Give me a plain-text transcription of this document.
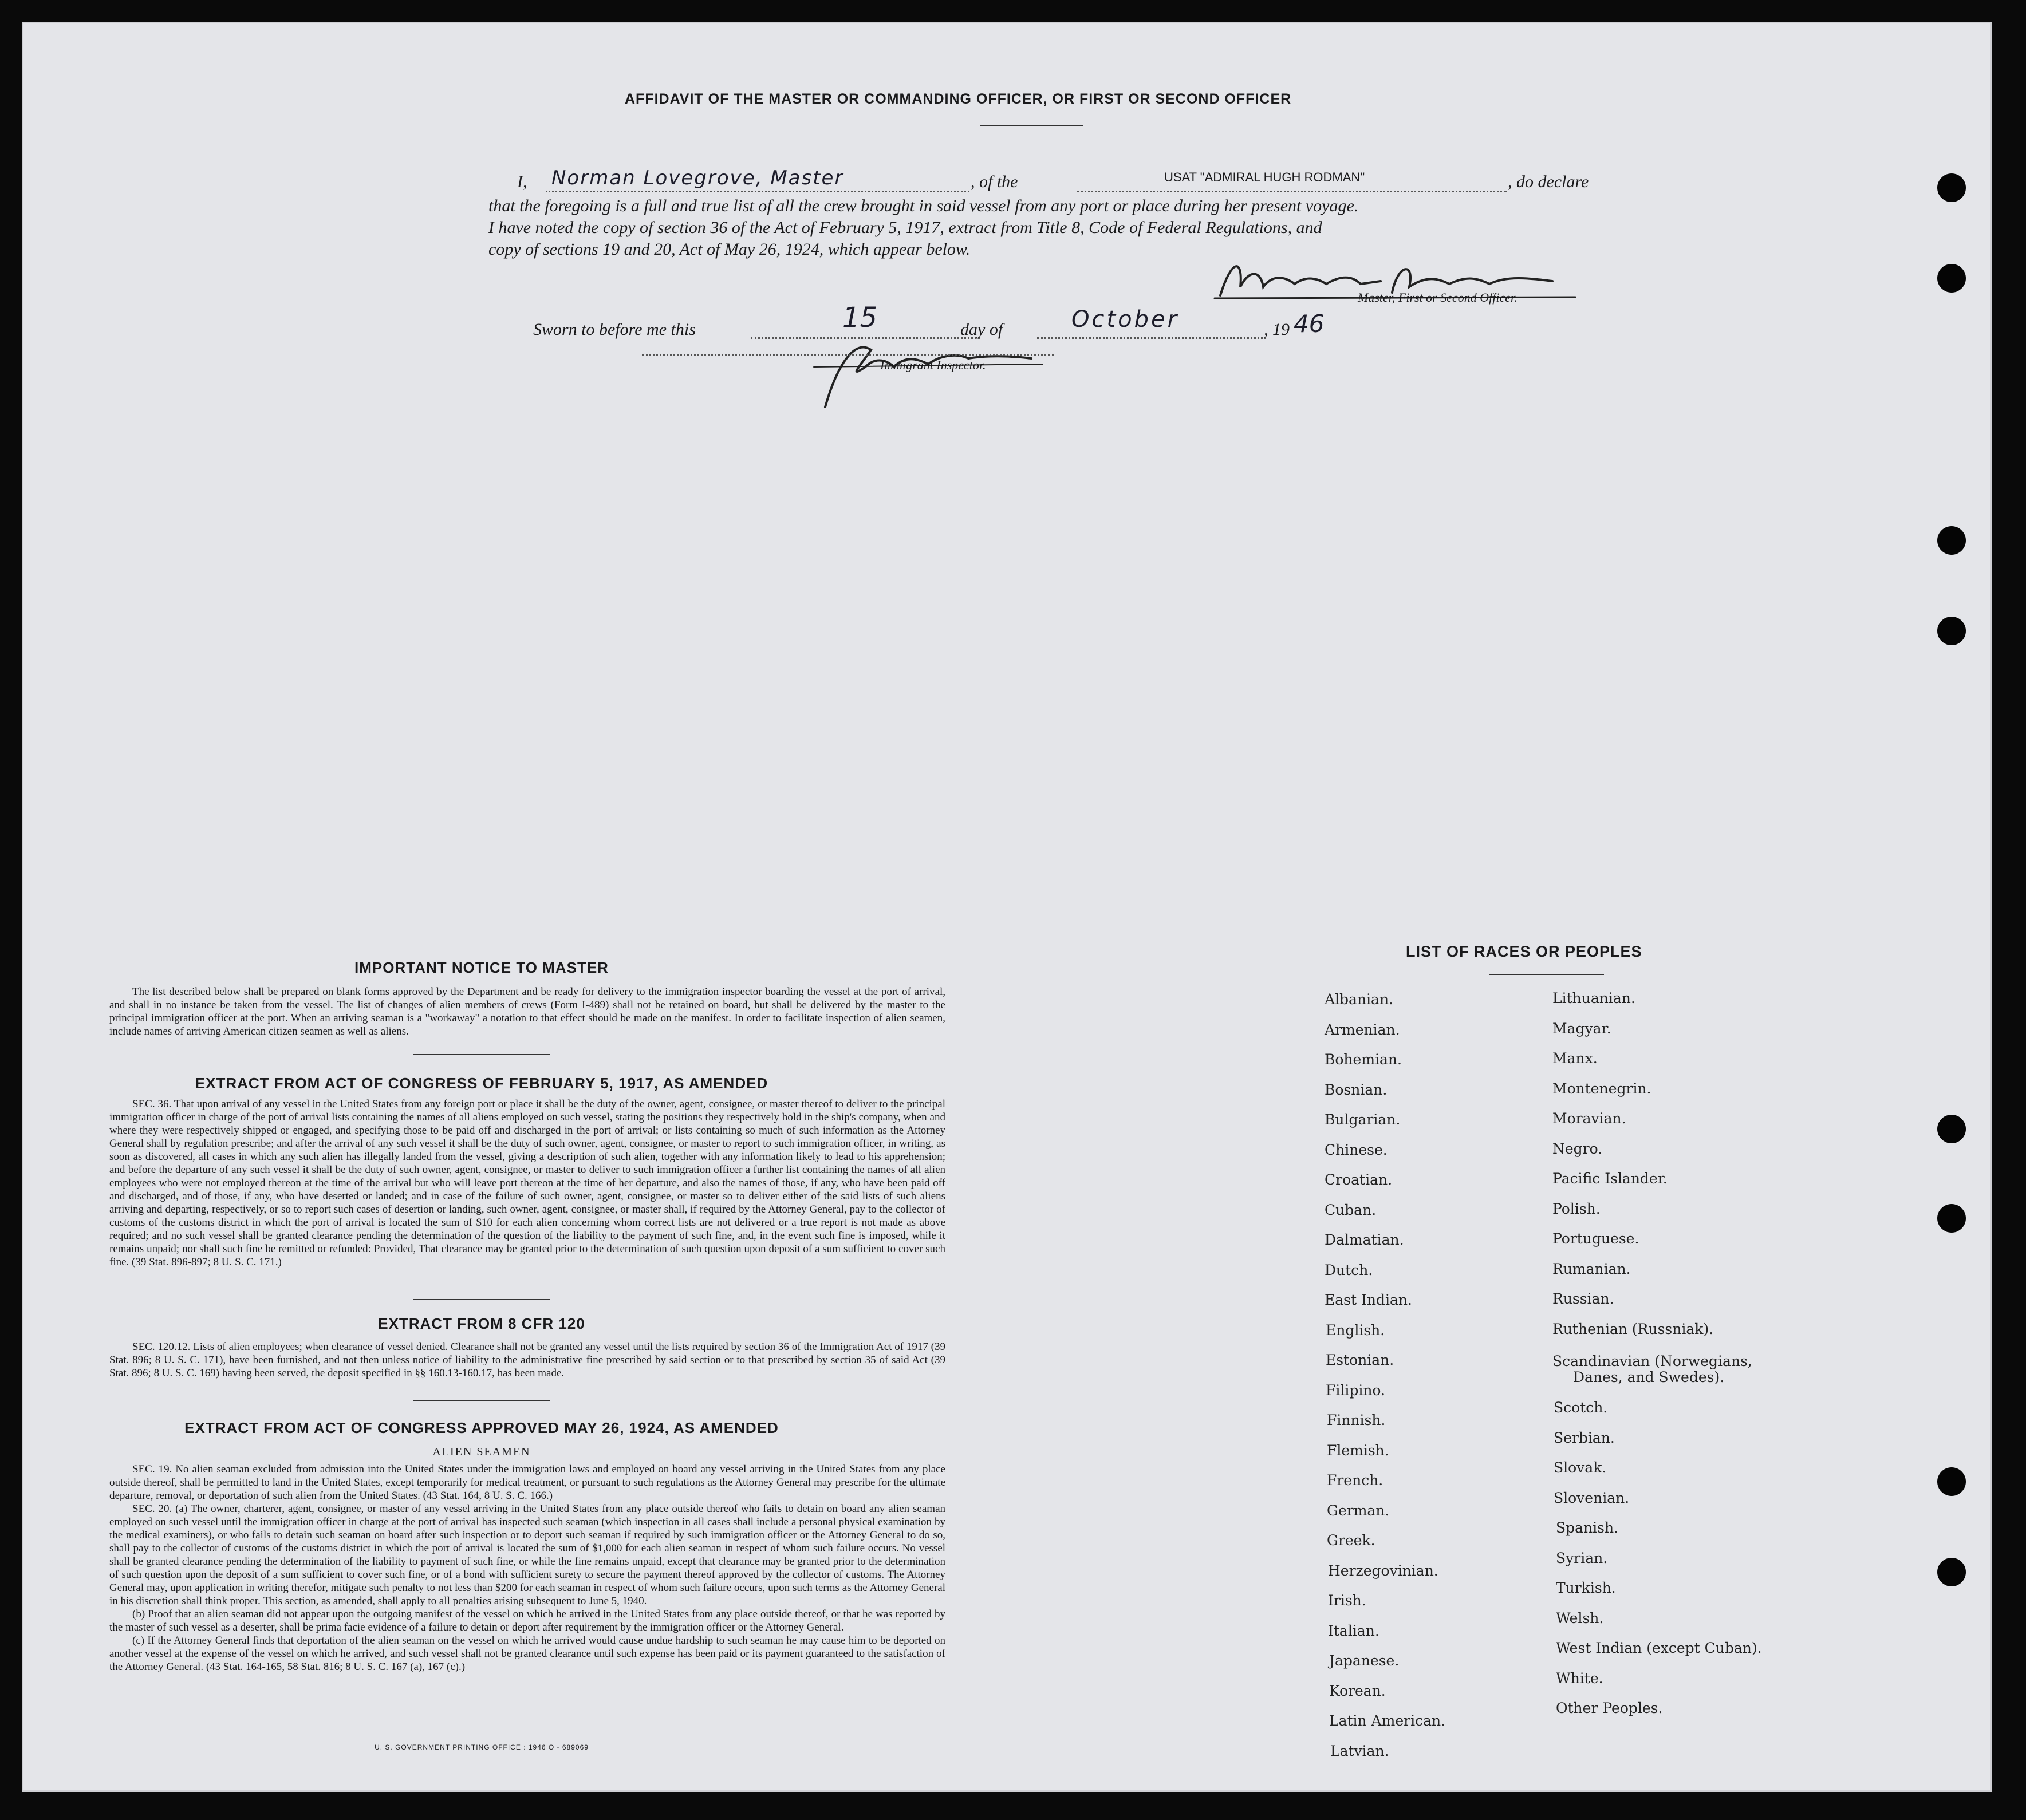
AFFIDAVIT OF THE MASTER OR COMMANDING OFFICER, OR FIRST OR SECOND OFFICER
I, Norman Lovegrove, Master	, of the	USAT "ADMIRAL HUGH RODMAN"	, do declare
that the foregoing is a full and true list of all the crew brought in said vessel from any port or place during her present voyage.
I have noted the copy of section 36 of the Act of February 5, 1917, extract from Title 8, Code of Federal Regulations, and
copy of sections 19 and 20, Act of May 26, 1924, which appear below.
Master, First or Second Officer.
Sworn to before me this	15	day of	October	, 19 46
Immigrant Inspector.
IMPORTANT NOTICE TO MASTER

The list described below shall be prepared on blank forms approved by the Department and be ready for delivery to the immigration inspector boarding the vessel at the port of arrival, and shall in no instance be taken from the vessel. The list of changes of alien members of crews (Form I-489) shall not be retained on board, but shall be delivered by the master to the principal immigration officer at the port. When an arriving seaman is a "workaway" a notation to that effect should be made on the manifest. In order to facilitate inspection of alien seamen, include names of arriving American citizen seamen as well as aliens.

EXTRACT FROM ACT OF CONGRESS OF FEBRUARY 5, 1917, AS AMENDED

SEC. 36. That upon arrival of any vessel in the United States from any foreign port or place it shall be the duty of the owner, agent, consignee, or master thereof to deliver to the principal immigration officer in charge of the port of arrival lists containing the names of all aliens employed on such vessel, stating the positions they respectively hold in the ship's company, when and where they were respectively shipped or engaged, and specifying those to be paid off and discharged in the port of arrival; or lists containing so much of such information as the Attorney General shall by regulation prescribe; and after the arrival of any such vessel it shall be the duty of such owner, agent, consignee, or master to report to such immigration officer, in writing, as soon as discovered, all cases in which any such alien has illegally landed from the vessel, giving a description of such alien, together with any information likely to lead to his apprehension; and before the departure of any such vessel it shall be the duty of such owner, agent, consignee, or master to deliver to such immigration officer a further list containing the names of all alien employees who were not employed thereon at the time of the arrival but who will leave port thereon at the time of her departure, and also the names of those, if any, who have been paid off and discharged, and of those, if any, who have deserted or landed; and in case of the failure of such owner, agent, consignee, or master so to deliver either of the said lists of such aliens arriving and departing, respectively, or so to report such cases of desertion or landing, such owner, agent, consignee, or master shall, if required by the Attorney General, pay to the collector of customs of the customs district in which the port of arrival is located the sum of $10 for each alien concerning whom correct lists are not delivered or a true report is not made as above required; and no such vessel shall be granted clearance pending the determination of the question of the liability to the payment of such fine, and, in the event such fine is imposed, while it remains unpaid; nor shall such fine be remitted or refunded: Provided, That clearance may be granted prior to the determination of such question upon deposit of a sum sufficient to cover such fine. (39 Stat. 896-897; 8 U. S. C. 171.)

EXTRACT FROM 8 CFR 120

SEC. 120.12. Lists of alien employees; when clearance of vessel denied. Clearance shall not be granted any vessel until the lists required by section 36 of the Immigration Act of 1917 (39 Stat. 896; 8 U. S. C. 171), have been furnished, and not then unless notice of liability to the administrative fine prescribed by said section or to that prescribed by section 35 of said Act (39 Stat. 896; 8 U. S. C. 169) having been served, the deposit specified in §§ 160.13-160.17, has been made.

EXTRACT FROM ACT OF CONGRESS APPROVED MAY 26, 1924, AS AMENDED
ALIEN SEAMEN

SEC. 19. No alien seaman excluded from admission into the United States under the immigration laws and employed on board any vessel arriving in the United States from any place outside thereof, shall be permitted to land in the United States, except temporarily for medical treatment, or pursuant to such regulations as the Attorney General may prescribe for the ultimate departure, removal, or deportation of such alien from the United States. (43 Stat. 164, 8 U. S. C. 166.)

SEC. 20. (a) The owner, charterer, agent, consignee, or master of any vessel arriving in the United States from any place outside thereof who fails to detain on board any alien seaman employed on such vessel until the immigration officer in charge at the port of arrival has inspected such seaman (which inspection in all cases shall include a personal physical examination by the medical examiners), or who fails to detain such seaman on board after such inspection or to deport such seaman if required by such immigration officer or the Attorney General to do so, shall pay to the collector of customs of the customs district in which the port of arrival is located the sum of $1,000 for each alien seaman in respect of whom such failure occurs. No vessel shall be granted clearance pending the determination of the liability to payment of such fine, or while the fine remains unpaid, except that clearance may be granted prior to the determination of such question upon the deposit of a sum sufficient to cover such fine, or of a bond with sufficient surety to secure the payment thereof approved by the collector of customs. The Attorney General may, upon application in writing therefor, mitigate such penalty to not less than $200 for each seaman in respect of whom such failure occurs, upon such terms as the Attorney General in his discretion shall think proper. This section, as amended, shall apply to all penalties arising subsequent to June 5, 1940.

(b) Proof that an alien seaman did not appear upon the outgoing manifest of the vessel on which he arrived in the United States from any place outside thereof, or that he was reported by the master of such vessel as a deserter, shall be prima facie evidence of a failure to detain or deport after requirement by the immigration officer or the Attorney General.

(c) If the Attorney General finds that deportation of the alien seaman on the vessel on which he arrived would cause undue hardship to such seaman he may cause him to be deported on another vessel at the expense of the vessel on which he arrived, and such vessel shall not be granted clearance until such expense has been paid or its payment guaranteed to the satisfaction of the Attorney General. (43 Stat. 164-165, 58 Stat. 816; 8 U. S. C. 167 (a), 167 (c).)

U. S. GOVERNMENT PRINTING OFFICE : 1946 O - 689069
LIST OF RACES OR PEOPLES
Albanian.
Armenian.
Bohemian.
Bosnian.
Bulgarian.
Chinese.
Croatian.
Cuban.
Dalmatian.
Dutch.
East Indian.
English.
Estonian.
Filipino.
Finnish.
Flemish.
French.
German.
Greek.
Herzegovinian.
Irish.
Italian.
Japanese.
Korean.
Latin American.
Latvian.
Lithuanian.
Magyar.
Manx.
Montenegrin.
Moravian.
Negro.
Pacific Islander.
Polish.
Portuguese.
Rumanian.
Russian.
Ruthenian (Russniak).
Scandinavian (Norwegians,
Danes, and Swedes).
Scotch.
Serbian.
Slovak.
Slovenian.
Spanish.
Syrian.
Turkish.
Welsh.
West Indian (except Cuban).
White.
Other Peoples.
